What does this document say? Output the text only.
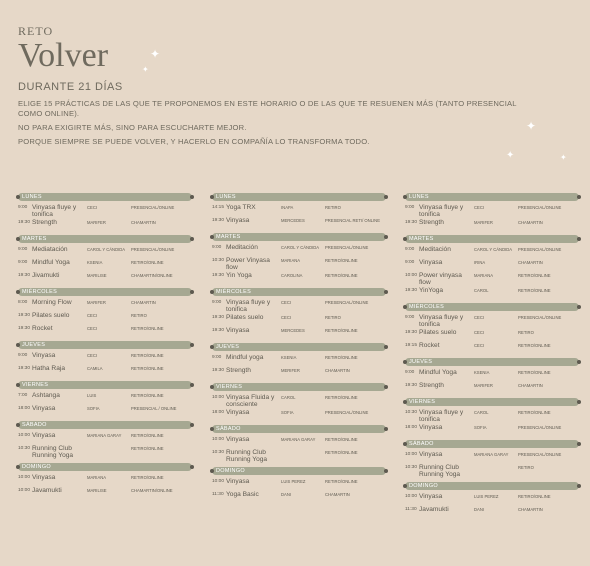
RETO
Volver
DURANTE 21 DÍAS
ELIGE 15 PRÁCTICAS DE LAS QUE TE PROPONEMOS EN ESTE HORARIO O DE LAS QUE TE RESUENEN MÁS (TANTO PRESENCIAL COMO ONLINE).
NO PARA EXIGIRTE MÁS, SINO PARA ESCUCHARTE MEJOR.
PORQUE SIEMPRE SE PUEDE VOLVER, Y HACERLO EN COMPAÑÍA LO TRANSFORMA TODO.
✦
✦
✦
✦	✦
LUNES
9:00 Vinyasa fluye y tonifica
CECI	PRESENCIAL/ONLINE
19:30 Strength	MARIFER	CHAMARTIN
MARTES
9:00 Mediatación	CAROL Y CÁNDIDA	PRESENCIAL/ONLINE
9:00 Mindful Yoga	KSENIA	RETIRO/ONLINE
19:30 Jivamukti	MARILISE	CHAMARTIN/ONLINE
MIÉRCOLES
8:00 Morning Flow	MARIFER	CHAMARTIN
19:30 Pilates suelo	CECI	RETIRO
19:30 Rocket	CECI	RETIRO/ONLINE
JUEVES
9:00 Vinyasa	CECI	RETIRO/ONLINE
19:30 Hatha Raja	CAMILA	RETIRO/ONLINE
VIERNES
7:00 Ashtanga	LUIS	RETIRO/ONLINE
18:00 Vinyasa	SOFIA	PRESENCIAL / ONLINE
SÁBADO
10:00 Vinyasa	MARIANA GARAY	RETIRO/ONLINE
10:30 Running Club Running Yoga
RETIRO/ONLINE
DOMINGO
10:00 Vinyasa	MARIANA	RETIRO/ONLINE
10:00 Javamukti	MARILISE	CHAMARTIN/ONLINE
LUNES
14:15 Yoga TRX	INAPA	RETIRO
19:30 Vinyasa	MERCEDES	PRESENCIAL RETI/ ONLINE
MARTES
9:00 Meditación	CAROL Y CÁNDIDA	PRESENCIAL/ONLINE
10:30 Power Vinyasa flow
MARIANA	RETIRO/ONLINE
19:30 Yin Yoga	CAROLINA	RETIRO/ONLINE
MIÉRCOLES
9:00 Vinyasa fluye y tonifica
CECI	PRESENCIAL/ONLINE
19:30 Pilates suelo	CECI	RETIRO
19:30 Vinyasa	MERCEDES	RETIRO/ONLINE
JUEVES
9:00 Mindful yoga	KSENIA	RETIRO/ONLINE
19:30 Strength	MERIFER	CHAMARTIN
VIERNES
10:00 Vinyasa Fluida y consciente
CAROL	RETIRO/ONLINE
18:00 Vinyasa	SOFIA	PRESENCIAL/ONLINE
SÁBADO
10:00 Vinyasa	MARIANA GARAY	RETIRO/ONLINE
10:30 Running Club Running Yoga
RETIRO/ONLINE
DOMINGO
10:00 Vinyasa	LUIS PEREZ	RETIRO/ONLINE
11:30 Yoga Basic	DANI	CHAMARTIN
LUNES
9:00 Vinyasa fluye y tonifica
CECI	PRESENCIAL/ONLINE
19:30 Strength	MARIFER	CHAMARTIN
MARTES
9:00 Meditación	CAROL Y CÁNDIDA	PRESENCIAL/ONLINE
9:00 Vinyasa	IRINA	CHAMARTIN
10:00 Power vinyasa flow
MARIANA	RETIRO/ONLINE
19:30 YinYoga	CAROL	RETIRO/ONLINE
MIÉRCOLES
9:00 Vinyasa fluye y tonifica
CECI	PRESENCIAL/ONLINE
19:30 Pilates suelo	CECI	RETIRO
19:15 Rocket	CECI	RETIRO/ONLINE
JUEVES
9:00 Mindful Yoga	KSENIA	RETIRO/ONLINE
19:30 Strength	MARIFER	CHAMARTIN
VIERNES
10:30 Vinyasa fluye y tonifica
CAROL	RETIRO/ONLINE
18:00 Vinyasa	SOFIA	PRESENCIAL/ONLINE
SÁBADO
10:00 Vinyasa	MARIANA GARAY	PRESENCIAL/ONLINE
10:30 Running Club Running Yoga
RETIRO
DOMINGO
10:00 Vinyasa	LUIS PEREZ	RETIRO/ONLINE
11:30 Javamukti	DANI	CHAMARTIN
